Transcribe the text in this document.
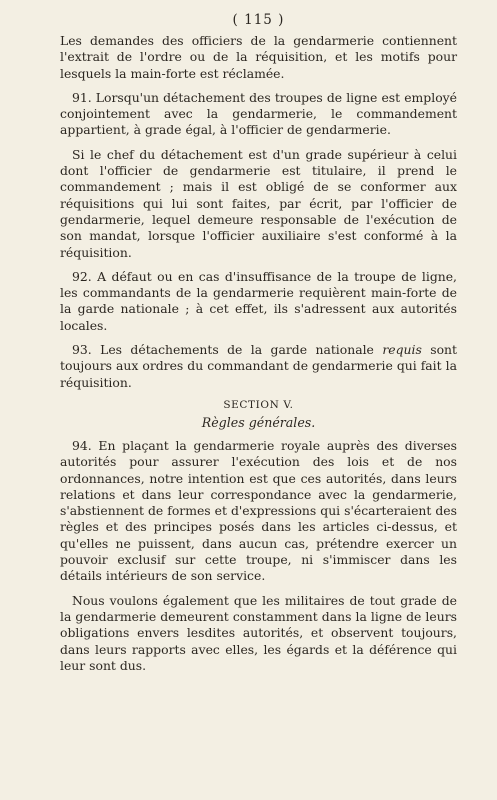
( 115 )

Les demandes des officiers de la gendarmerie contiennent l'extrait de l'ordre ou de la réquisition, et les motifs pour lesquels la main-forte est réclamée.

91. Lorsqu'un détachement des troupes de ligne est employé conjointement avec la gendarmerie, le commandement appartient, à grade égal, à l'officier de gendarmerie.

Si le chef du détachement est d'un grade supérieur à celui dont l'officier de gendarmerie est titulaire, il prend le commandement ; mais il est obligé de se conformer aux réquisitions qui lui sont faites, par écrit, par l'officier de gendarmerie, lequel demeure responsable de l'exécution de son mandat, lorsque l'officier auxiliaire s'est conformé à la réquisition.

92. A défaut ou en cas d'insuffisance de la troupe de ligne, les commandants de la gendarmerie requièrent main-forte de la garde nationale ; à cet effet, ils s'adressent aux autorités locales.

93. Les détachements de la garde nationale requis sont toujours aux ordres du commandant de gendarmerie qui fait la réquisition.

SECTION V.
Règles générales.

94. En plaçant la gendarmerie royale auprès des diverses autorités pour assurer l'exécution des lois et de nos ordonnances, notre intention est que ces autorités, dans leurs relations et dans leur correspondance avec la gendarmerie, s'abstiennent de formes et d'expressions qui s'écarteraient des règles et des principes posés dans les articles ci-dessus, et qu'elles ne puissent, dans aucun cas, prétendre exercer un pouvoir exclusif sur cette troupe, ni s'immiscer dans les détails intérieurs de son service.

Nous voulons également que les militaires de tout grade de la gendarmerie demeurent constamment dans la ligne de leurs obligations envers lesdites autorités, et observent toujours, dans leurs rapports avec elles, les égards et la déférence qui leur sont dus.
